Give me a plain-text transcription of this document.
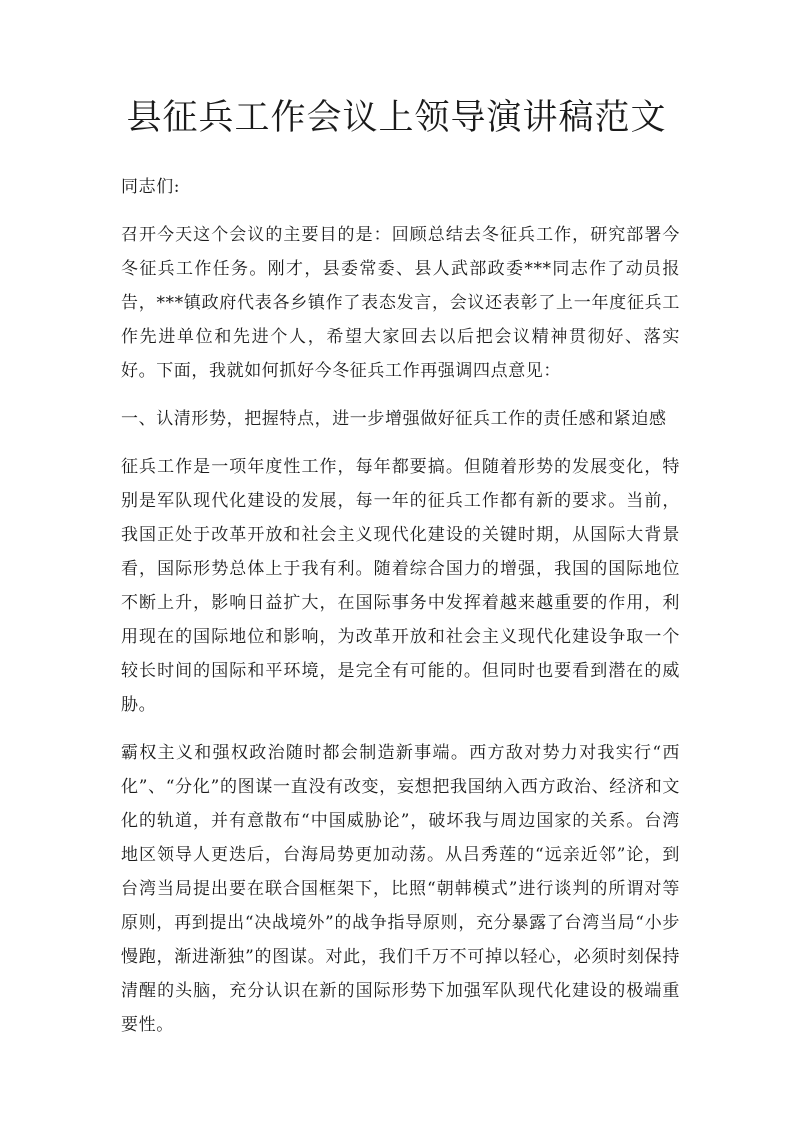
县征兵工作会议上领导演讲稿范文

同志们:

召开今天这个会议的主要目的是：回顾总结去冬征兵工作，研究部署今冬征兵工作任务。刚才，县委常委、县人武部政委***同志作了动员报告，***镇政府代表各乡镇作了表态发言，会议还表彰了上一年度征兵工作先进单位和先进个人，希望大家回去以后把会议精神贯彻好、落实好。下面，我就如何抓好今冬征兵工作再强调四点意见：

一、认清形势，把握特点，进一步增强做好征兵工作的责任感和紧迫感

征兵工作是一项年度性工作，每年都要搞。但随着形势的发展变化，特别是军队现代化建设的发展，每一年的征兵工作都有新的要求。当前，我国正处于改革开放和社会主义现代化建设的关键时期，从国际大背景看，国际形势总体上于我有利。随着综合国力的增强，我国的国际地位不断上升，影响日益扩大，在国际事务中发挥着越来越重要的作用，利用现在的国际地位和影响，为改革开放和社会主义现代化建设争取一个较长时间的国际和平环境，是完全有可能的。但同时也要看到潜在的威胁。

霸权主义和强权政治随时都会制造新事端。西方敌对势力对我实行“西化”、“分化”的图谋一直没有改变，妄想把我国纳入西方政治、经济和文化的轨道，并有意散布“中国威胁论”，破坏我与周边国家的关系。台湾地区领导人更迭后，台海局势更加动荡。从吕秀莲的“远亲近邻”论，到台湾当局提出要在联合国框架下，比照“朝韩模式”进行谈判的所谓对等原则，再到提出“决战境外”的战争指导原则，充分暴露了台湾当局“小步慢跑，渐进渐独”的图谋。对此，我们千万不可掉以轻心，必须时刻保持清醒的头脑，充分认识在新的国际形势下加强军队现代化建设的极端重要性。
